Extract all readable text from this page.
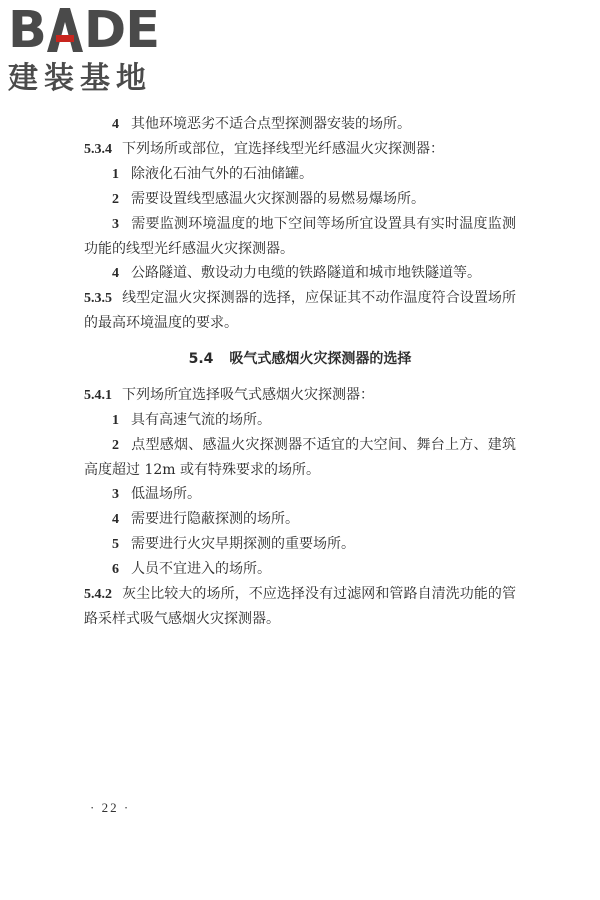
B DE
建装基地

4 其他环境恶劣不适合点型探测器安装的场所。

5.3.4 下列场所或部位，宜选择线型光纤感温火灾探测器：

1 除液化石油气外的石油储罐。

2 需要设置线型感温火灾探测器的易燃易爆场所。

3 需要监测环境温度的地下空间等场所宜设置具有实时温度监测功能的线型光纤感温火灾探测器。

4 公路隧道、敷设动力电缆的铁路隧道和城市地铁隧道等。

5.3.5 线型定温火灾探测器的选择，应保证其不动作温度符合设置场所的最高环境温度的要求。

5.4 吸气式感烟火灾探测器的选择

5.4.1 下列场所宜选择吸气式感烟火灾探测器：

1 具有高速气流的场所。

2 点型感烟、感温火灾探测器不适宜的大空间、舞台上方、建筑高度超过 12m 或有特殊要求的场所。

3 低温场所。

4 需要进行隐蔽探测的场所。

5 需要进行火灾早期探测的重要场所。

6 人员不宜进入的场所。

5.4.2 灰尘比较大的场所，不应选择没有过滤网和管路自清洗功能的管路采样式吸气感烟火灾探测器。

· 22 ·
